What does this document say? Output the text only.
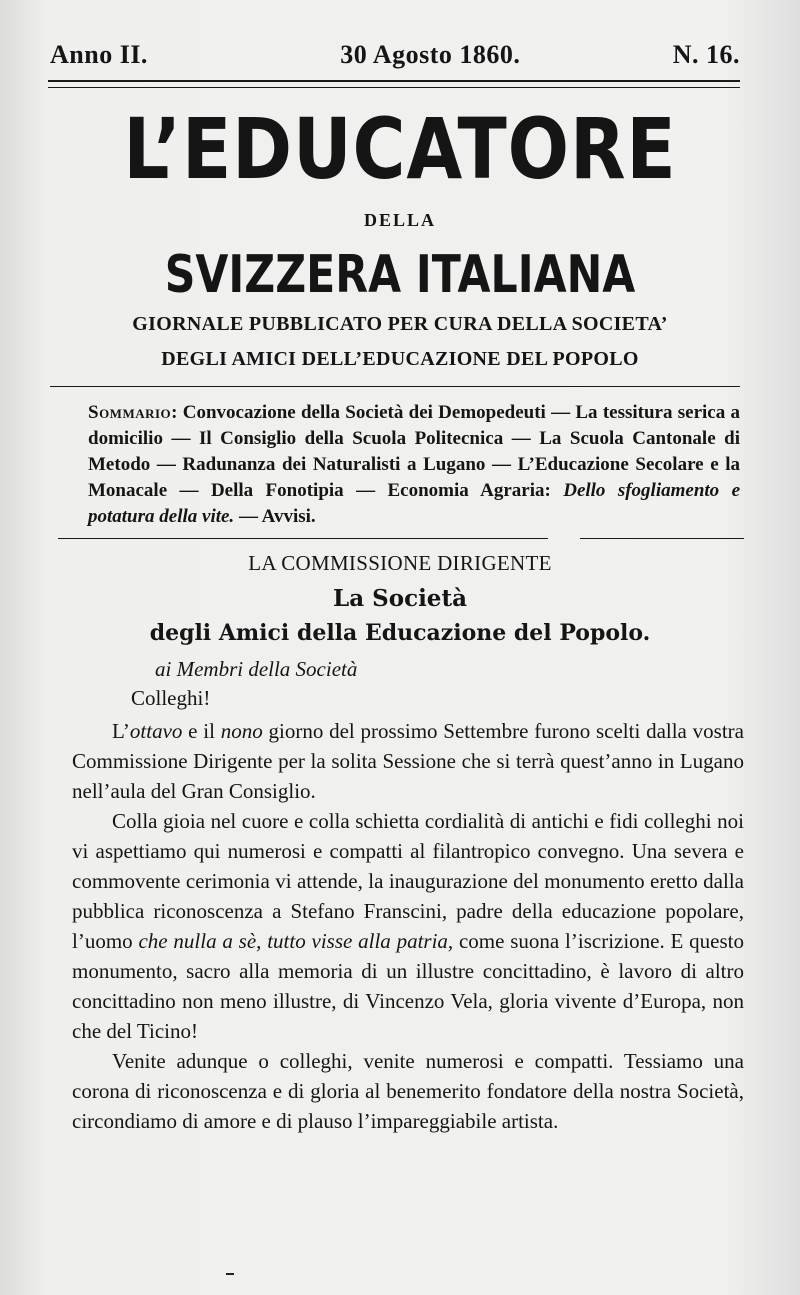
Anno II.	30 Agosto 1860.	N. 16.
L’EDUCATORE
DELLA
SVIZZERA ITALIANA
GIORNALE PUBBLICATO PER CURA DELLA SOCIETA’
DEGLI AMICI DELL’EDUCAZIONE DEL POPOLO
Sommario: Convocazione della Società dei Demopedeuti — La tessitura serica a domicilio — Il Consiglio della Scuola Politecnica — La Scuola Cantonale di Metodo — Radunanza dei Naturalisti a Lugano — L’Educazione Secolare e la Monacale — Della Fonotipia — Economia Agraria: Dello sfogliamento e potatura della vite. — Avvisi.
LA COMMISSIONE DIRIGENTE
La Società
degli Amici della Educazione del Popolo.
ai Membri della Società
Colleghi!

L’ottavo e il nono giorno del prossimo Settembre furono scelti dalla vostra Commissione Dirigente per la solita Sessione che si terrà quest’anno in Lugano nell’aula del Gran Consiglio.

Colla gioia nel cuore e colla schietta cordialità di antichi e fidi colleghi noi vi aspettiamo qui numerosi e compatti al filantropico convegno. Una severa e commovente cerimonia vi attende, la inaugurazione del monumento eretto dalla pubblica riconoscenza a Stefano Franscini, padre della educazione popolare, l’uomo che nulla a sè, tutto visse alla patria, come suona l’iscrizione. E questo monumento, sacro alla memoria di un illustre concittadino, è lavoro di altro concittadino non meno illustre, di Vincenzo Vela, gloria vivente d’Europa, non che del Ticino!

Venite adunque o colleghi, venite numerosi e compatti. Tessiamo una corona di riconoscenza e di gloria al benemerito fondatore della nostra Società, circondiamo di amore e di plauso l’impareggiabile artista.
